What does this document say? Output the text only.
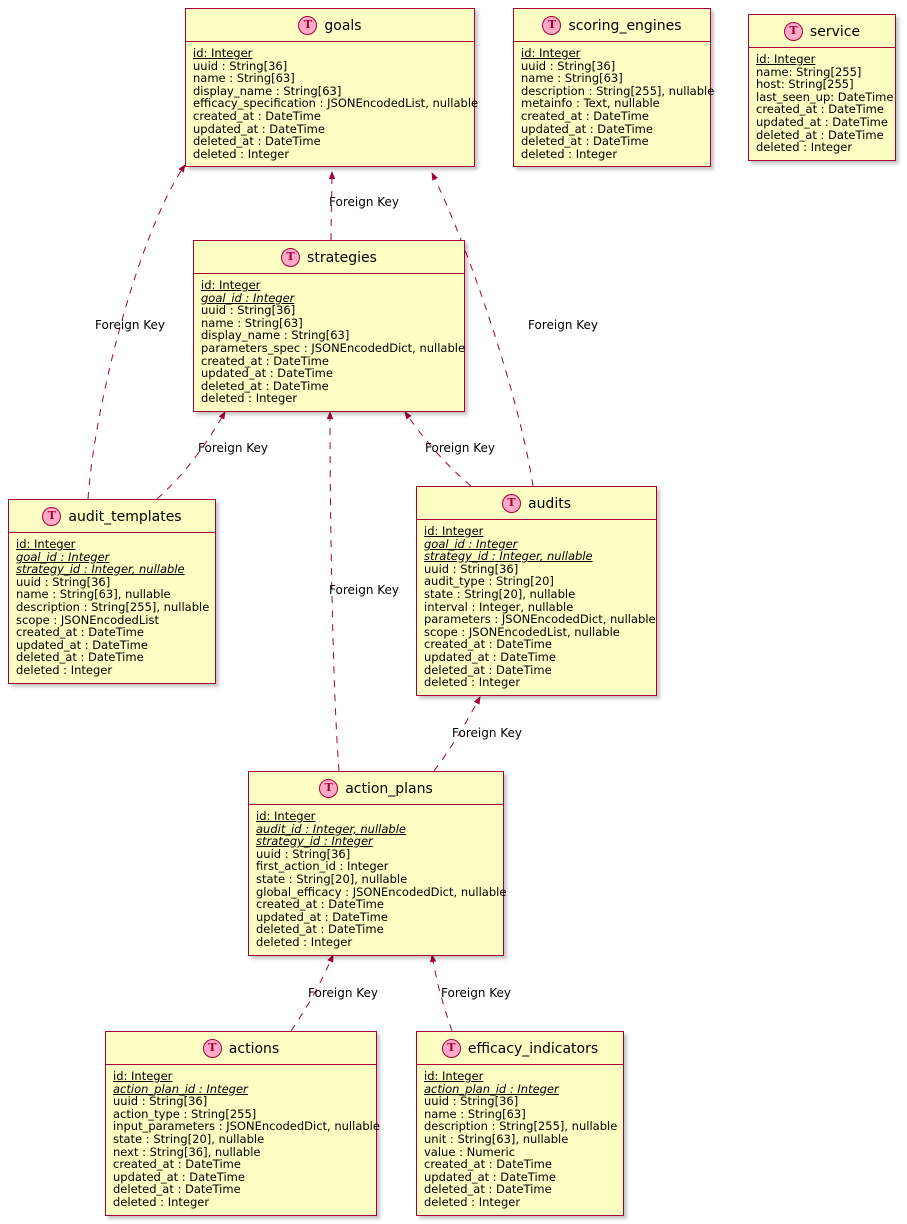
T goals
id: Integer
uuid : String[36]
name : String[63]
display_name : String[63]
efficacy_specification : JSONEncodedList, nullable
created_at : DateTime
updated_at : DateTime
deleted_at : DateTime
deleted : Integer
T scoring_engines
id: Integer
uuid : String[36]
name : String[63]
description : String[255], nullable
metainfo : Text, nullable
created_at : DateTime
updated_at : DateTime
deleted_at : DateTime
deleted : Integer
T service
id: Integer
name: String[255]
host: String[255]
last_seen_up: DateTime
created_at : DateTime
updated_at : DateTime
deleted_at : DateTime
deleted : Integer
T strategies
id: Integer
goal_id : Integer
uuid : String[36]
name : String[63]
display_name : String[63]
parameters_spec : JSONEncodedDict, nullable
created_at : DateTime
updated_at : DateTime
deleted_at : DateTime
deleted : Integer
T audit_templates
id: Integer
goal_id : Integer
strategy_id : Integer, nullable
uuid : String[36]
name : String[63], nullable
description : String[255], nullable
scope : JSONEncodedList
created_at : DateTime
updated_at : DateTime
deleted_at : DateTime
deleted : Integer
T audits
id: Integer
goal_id : Integer
strategy_id : Integer, nullable
uuid : String[36]
audit_type : String[20]
state : String[20], nullable
interval : Integer, nullable
parameters : JSONEncodedDict, nullable
scope : JSONEncodedList, nullable
created_at : DateTime
updated_at : DateTime
deleted_at : DateTime
deleted : Integer
T action_plans
id: Integer
audit_id : Integer, nullable
strategy_id : Integer
uuid : String[36]
first_action_id : Integer
state : String[20], nullable
global_efficacy : JSONEncodedDict, nullable
created_at : DateTime
updated_at : DateTime
deleted_at : DateTime
deleted : Integer
T actions
id: Integer
action_plan_id : Integer
uuid : String[36]
action_type : String[255]
input_parameters : JSONEncodedDict, nullable
state : String[20], nullable
next : String[36], nullable
created_at : DateTime
updated_at : DateTime
deleted_at : DateTime
deleted : Integer
T efficacy_indicators
id: Integer
action_plan_id : Integer
uuid : String[36]
name : String[63]
description : String[255], nullable
unit : String[63], nullable
value : Numeric
created_at : DateTime
updated_at : DateTime
deleted_at : DateTime
deleted : Integer
Foreign Key
Foreign Key
Foreign Key
Foreign Key	Foreign Key
Foreign Key
Foreign Key
Foreign Key	Foreign Key
